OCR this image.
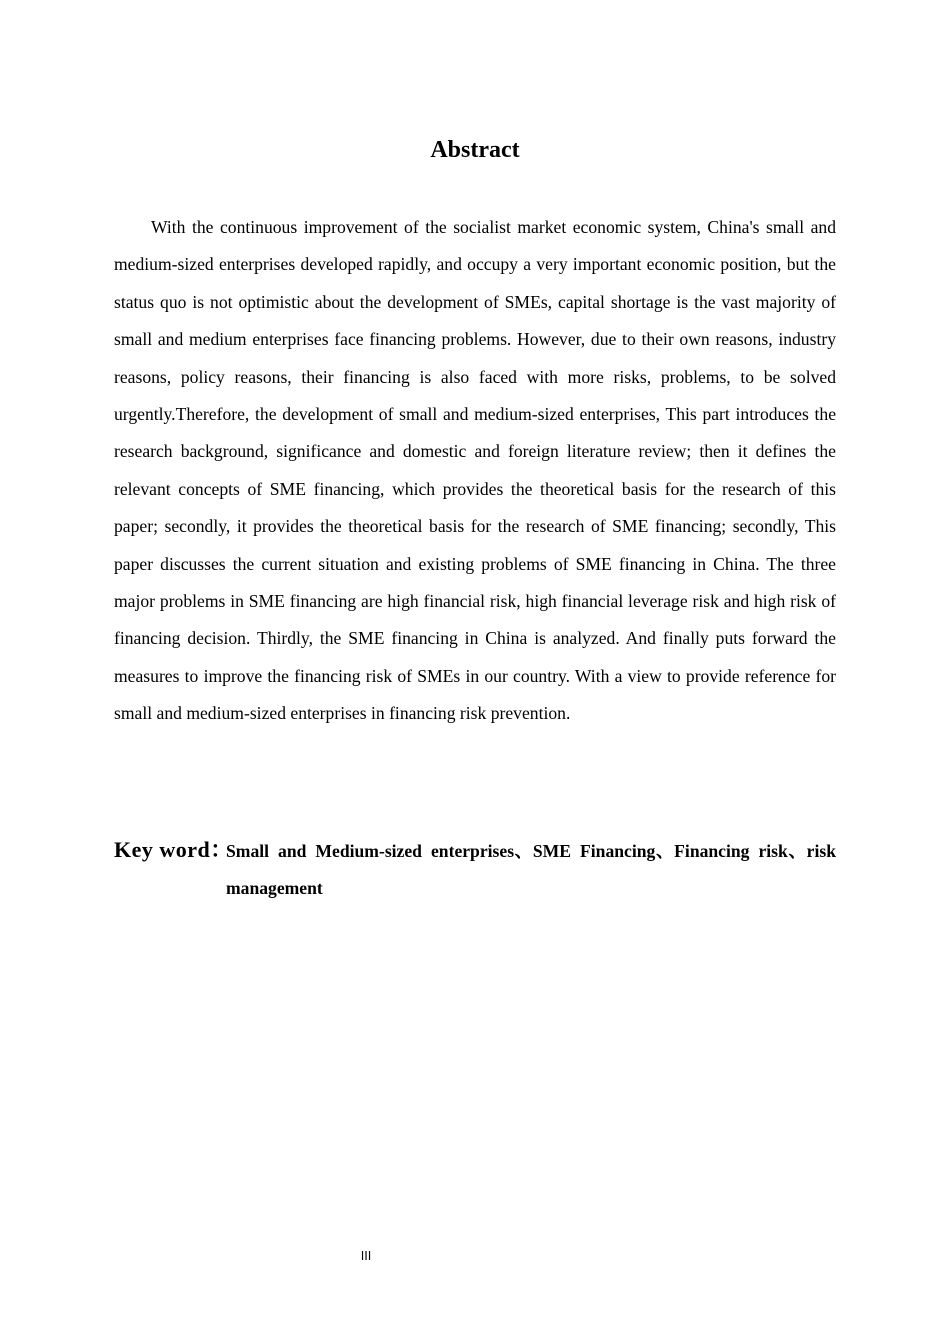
Abstract

With the continuous improvement of the socialist market economic system, China's small and medium-sized enterprises developed rapidly, and occupy a very important economic position, but the status quo is not optimistic about the development of SMEs, capital shortage is the vast majority of small and medium enterprises face financing problems. However, due to their own reasons, industry reasons, policy reasons, their financing is also faced with more risks, problems, to be solved urgently.Therefore, the development of small and medium-sized enterprises, This part introduces the research background, significance and domestic and foreign literature review; then it defines the relevant concepts of SME financing, which provides the theoretical basis for the research of this paper; secondly, it provides the theoretical basis for the research of SME financing; secondly, This paper discusses the current situation and existing problems of SME financing in China. The three major problems in SME financing are high financial risk, high financial leverage risk and high risk of financing decision. Thirdly, the SME financing in China is analyzed. And finally puts forward the measures to improve the financing risk of SMEs in our country. With a view to provide reference for small and medium-sized enterprises in financing risk prevention.

Key word：
Small and Medium-sized enterprises、SME Financing、Financing risk、risk management
III
